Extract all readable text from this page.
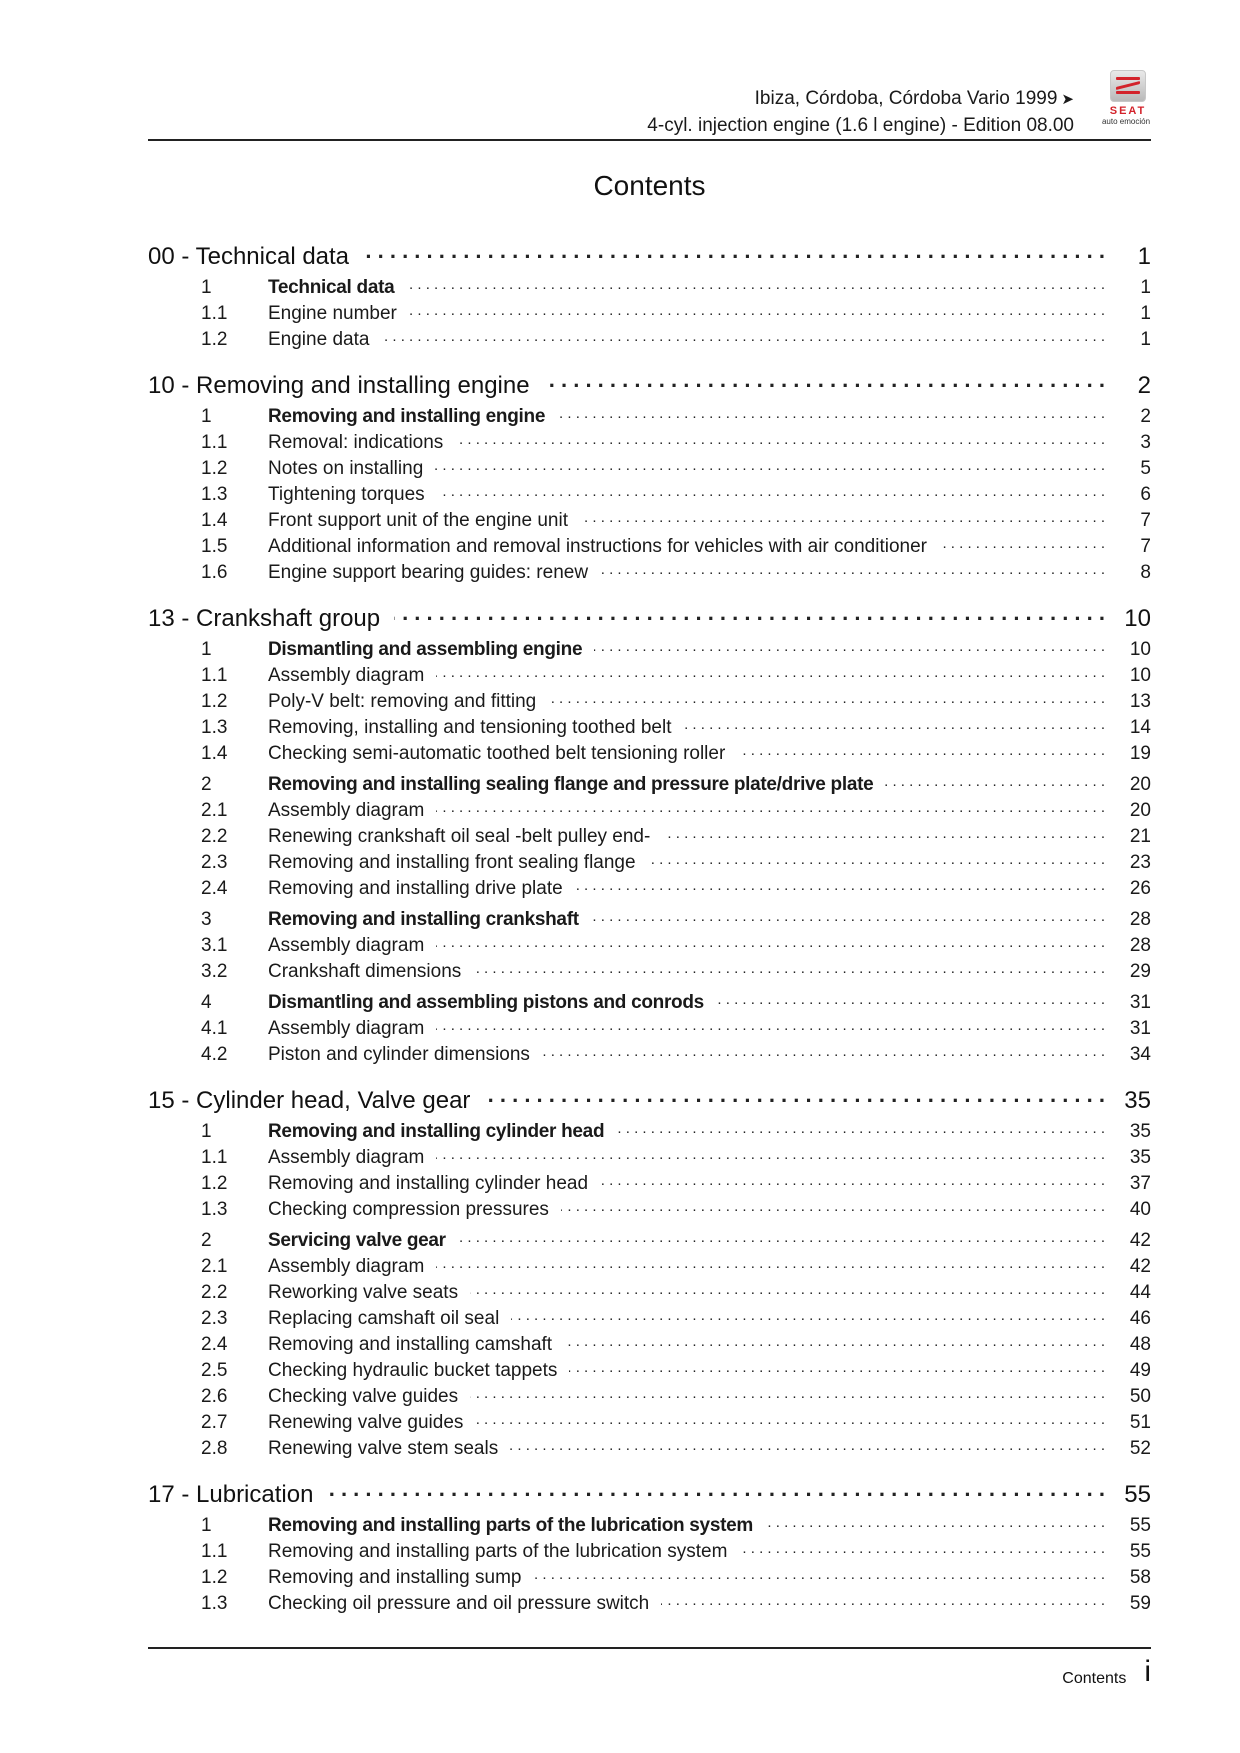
Ibiza, Córdoba, Córdoba Vario 1999 ➤
4-cyl. injection engine (1.6 l engine) - Edition 08.00
SEAT
auto emoción
Contents
00 - Technical data . . .	1
1	Technical data . . .	1
1.1	Engine number . . .	1
1.2	Engine data . . .	1
10 - Removing and installing engine . . .	2
1	Removing and installing engine . . .	2
1.1	Removal: indications . . .	3
1.2	Notes on installing . . .	5
1.3	Tightening torques . . .	6
1.4	Front support unit of the engine unit . . .	7
1.5	Additional information and removal instructions for vehicles with air conditioner . . .	7
1.6	Engine support bearing guides: renew . . .	8
13 - Crankshaft group . . .	10
1	Dismantling and assembling engine . . .	10
1.1	Assembly diagram . . .	10
1.2	Poly-V belt: removing and fitting . . .	13
1.3	Removing, installing and tensioning toothed belt . . .	14
1.4	Checking semi-automatic toothed belt tensioning roller . . .	19
2	Removing and installing sealing flange and pressure plate/drive plate . . .	20
2.1	Assembly diagram . . .	20
2.2	Renewing crankshaft oil seal -belt pulley end- . . .	21
2.3	Removing and installing front sealing flange . . .	23
2.4	Removing and installing drive plate . . .	26
3	Removing and installing crankshaft . . .	28
3.1	Assembly diagram . . .	28
3.2	Crankshaft dimensions . . .	29
4	Dismantling and assembling pistons and conrods . . .	31
4.1	Assembly diagram . . .	31
4.2	Piston and cylinder dimensions . . .	34
15 - Cylinder head, Valve gear . . .	35
1	Removing and installing cylinder head . . .	35
1.1	Assembly diagram . . .	35
1.2	Removing and installing cylinder head . . .	37
1.3	Checking compression pressures . . .	40
2	Servicing valve gear . . .	42
2.1	Assembly diagram . . .	42
2.2	Reworking valve seats . . .	44
2.3	Replacing camshaft oil seal . . .	46
2.4	Removing and installing camshaft . . .	48
2.5	Checking hydraulic bucket tappets . . .	49
2.6	Checking valve guides . . .	50
2.7	Renewing valve guides . . .	51
2.8	Renewing valve stem seals . . .	52
17 - Lubrication . . .	55
1	Removing and installing parts of the lubrication system . . .	55
1.1	Removing and installing parts of the lubrication system . . .	55
1.2	Removing and installing sump . . .	58
1.3	Checking oil pressure and oil pressure switch . . .	59
Contents i
